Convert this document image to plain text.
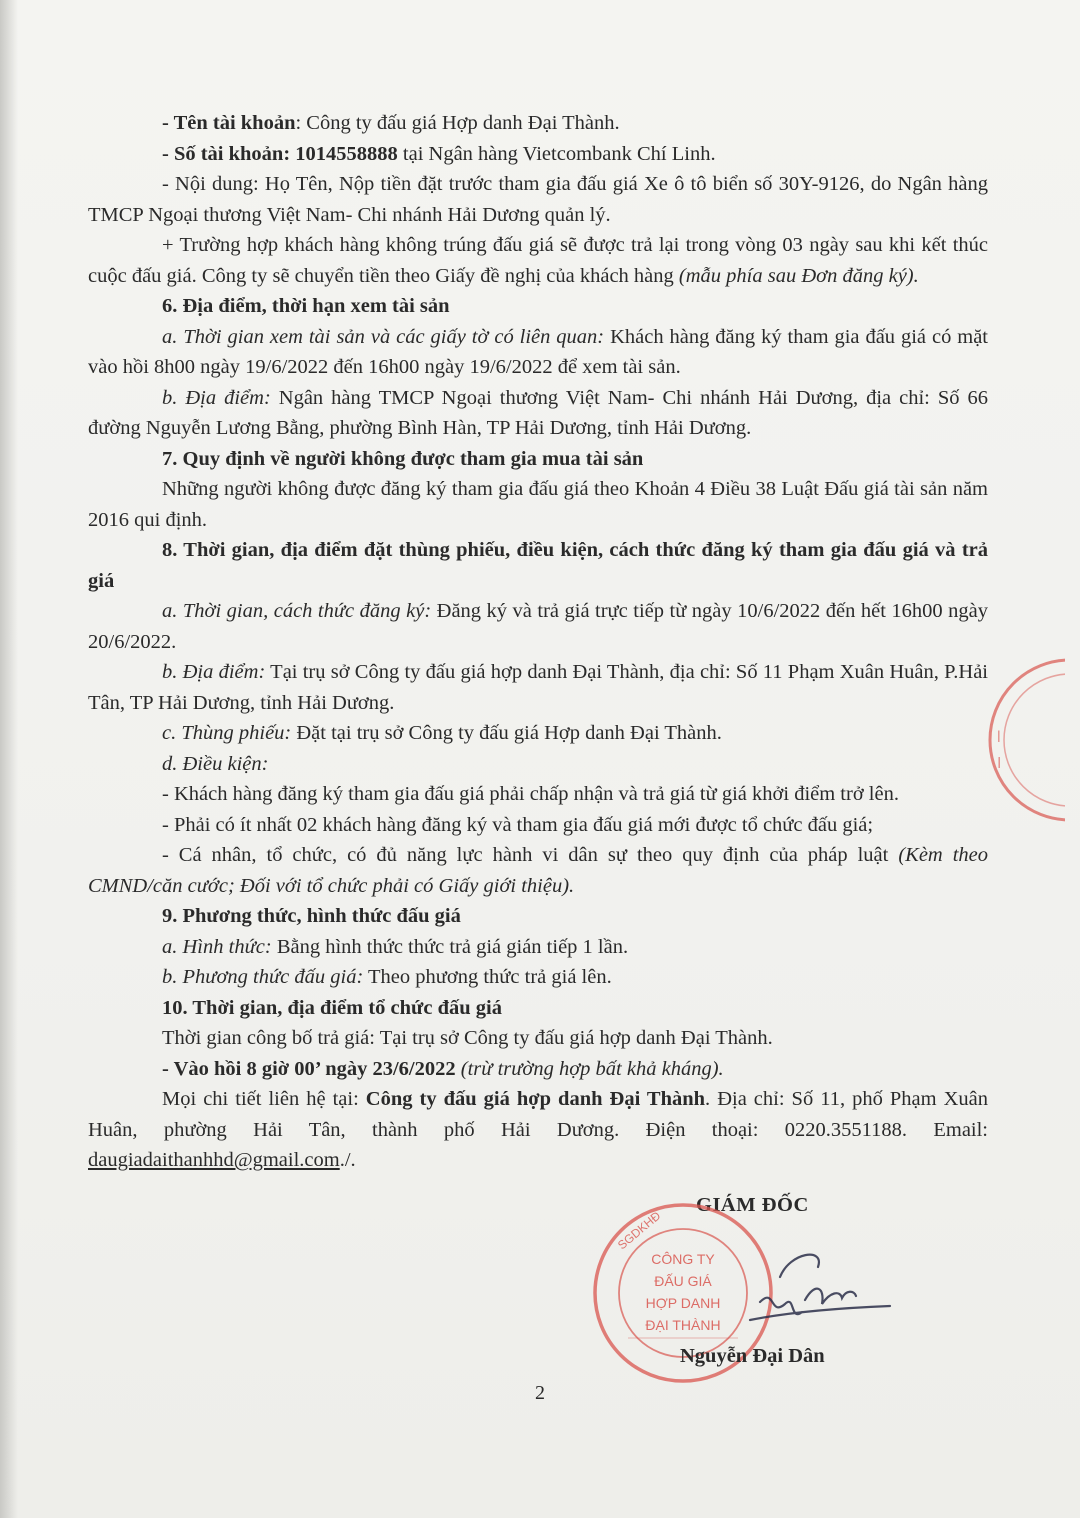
l
I

- Tên tài khoản: Công ty đấu giá Hợp danh Đại Thành.

- Số tài khoản: 1014558888 tại Ngân hàng Vietcombank Chí Linh.

- Nội dung: Họ Tên, Nộp tiền đặt trước tham gia đấu giá Xe ô tô biển số 30Y-9126, do Ngân hàng TMCP Ngoại thương Việt Nam- Chi nhánh Hải Dương quản lý.

+ Trường hợp khách hàng không trúng đấu giá sẽ được trả lại trong vòng 03 ngày sau khi kết thúc cuộc đấu giá. Công ty sẽ chuyển tiền theo Giấy đề nghị của khách hàng (mẫu phía sau Đơn đăng ký).

6. Địa điểm, thời hạn xem tài sản

a. Thời gian xem tài sản và các giấy tờ có liên quan: Khách hàng đăng ký tham gia đấu giá có mặt vào hồi 8h00 ngày 19/6/2022 đến 16h00 ngày 19/6/2022 để xem tài sản.

b. Địa điểm: Ngân hàng TMCP Ngoại thương Việt Nam- Chi nhánh Hải Dương, địa chỉ: Số 66 đường Nguyễn Lương Bằng, phường Bình Hàn, TP Hải Dương, tỉnh Hải Dương.

7. Quy định về người không được tham gia mua tài sản

Những người không được đăng ký tham gia đấu giá theo Khoản 4 Điều 38 Luật Đấu giá tài sản năm 2016 qui định.

8. Thời gian, địa điểm đặt thùng phiếu, điều kiện, cách thức đăng ký tham gia đấu giá và trả giá

a. Thời gian, cách thức đăng ký: Đăng ký và trả giá trực tiếp từ ngày 10/6/2022 đến hết 16h00 ngày 20/6/2022.

b. Địa điểm: Tại trụ sở Công ty đấu giá hợp danh Đại Thành, địa chỉ: Số 11 Phạm Xuân Huân, P.Hải Tân, TP Hải Dương, tỉnh Hải Dương.

c. Thùng phiếu: Đặt tại trụ sở Công ty đấu giá Hợp danh Đại Thành.

d. Điều kiện:

- Khách hàng đăng ký tham gia đấu giá phải chấp nhận và trả giá từ giá khởi điểm trở lên.

- Phải có ít nhất 02 khách hàng đăng ký và tham gia đấu giá mới được tổ chức đấu giá;

- Cá nhân, tổ chức, có đủ năng lực hành vi dân sự theo quy định của pháp luật (Kèm theo CMND/căn cước; Đối với tổ chức phải có Giấy giới thiệu).

9. Phương thức, hình thức đấu giá

a. Hình thức: Bằng hình thức thức trả giá gián tiếp 1 lần.

b. Phương thức đấu giá: Theo phương thức trả giá lên.

10. Thời gian, địa điểm tổ chức đấu giá

Thời gian công bố trả giá: Tại trụ sở Công ty đấu giá hợp danh Đại Thành.

- Vào hồi 8 giờ 00’ ngày 23/6/2022 (trừ trường hợp bất khả kháng).

Mọi chi tiết liên hệ tại: Công ty đấu giá hợp danh Đại Thành. Địa chỉ: Số 11, phố Phạm Xuân Huân, phường Hải Tân, thành phố Hải Dương. Điện thoại: 0220.3551188. Email: daugiadaithanhhd@gmail.com./.

GIÁM ĐỐC
SGDKHĐ
CÔNG TY
ĐẤU GIÁ
HỢP DANH
ĐẠI THÀNH
Nguyễn Đại Dân
2
